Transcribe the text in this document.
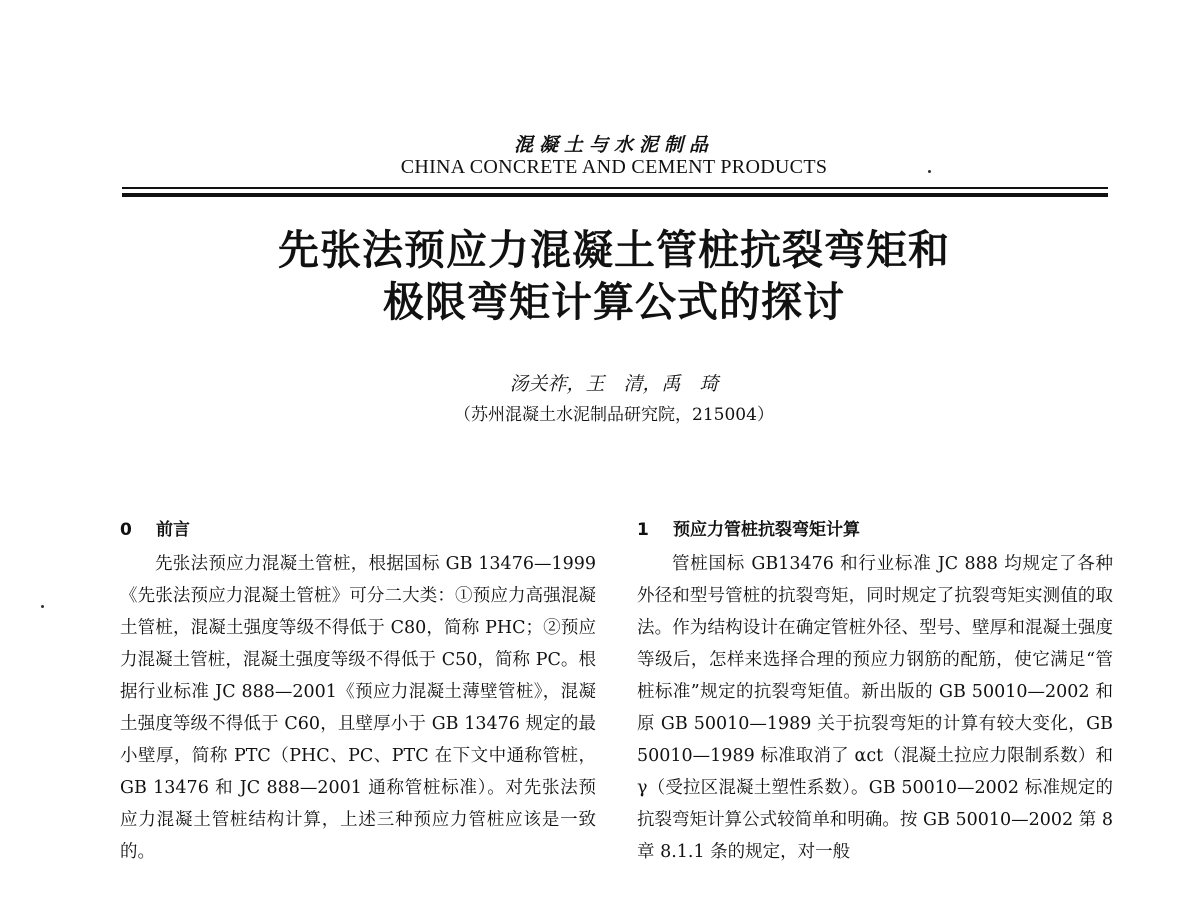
混凝土与水泥制品
CHINA CONCRETE AND CEMENT PRODUCTS
先张法预应力混凝土管桩抗裂弯矩和
极限弯矩计算公式的探讨
汤关祚，王　清，禹　琦
（苏州混凝土水泥制品研究院，215004）
0 前言

先张法预应力混凝土管桩，根据国标 GB 13476—1999《先张法预应力混凝土管桩》可分二大类：①预应力高强混凝土管桩，混凝土强度等级不得低于 C80，简称 PHC；②预应力混凝土管桩，混凝土强度等级不得低于 C50，简称 PC。根据行业标准 JC 888—2001《预应力混凝土薄壁管桩》，混凝土强度等级不得低于 C60，且壁厚小于 GB 13476 规定的最小壁厚，简称 PTC（PHC、PC、PTC 在下文中通称管桩，GB 13476 和 JC 888—2001 通称管桩标准）。对先张法预应力混凝土管桩结构计算，上述三种预应力管桩应该是一致的。

1 预应力管桩抗裂弯矩计算

管桩国标 GB13476 和行业标准 JC 888 均规定了各种外径和型号管桩的抗裂弯矩，同时规定了抗裂弯矩实测值的取法。作为结构设计在确定管桩外径、型号、壁厚和混凝土强度等级后，怎样来选择合理的预应力钢筋的配筋，使它满足“管桩标准”规定的抗裂弯矩值。新出版的 GB 50010—2002 和原 GB 50010—1989 关于抗裂弯矩的计算有较大变化，GB 50010—1989 标准取消了 αct（混凝土拉应力限制系数）和 γ（受拉区混凝土塑性系数）。GB 50010—2002 标准规定的抗裂弯矩计算公式较简单和明确。按 GB 50010—2002 第 8 章 8.1.1 条的规定，对一般
